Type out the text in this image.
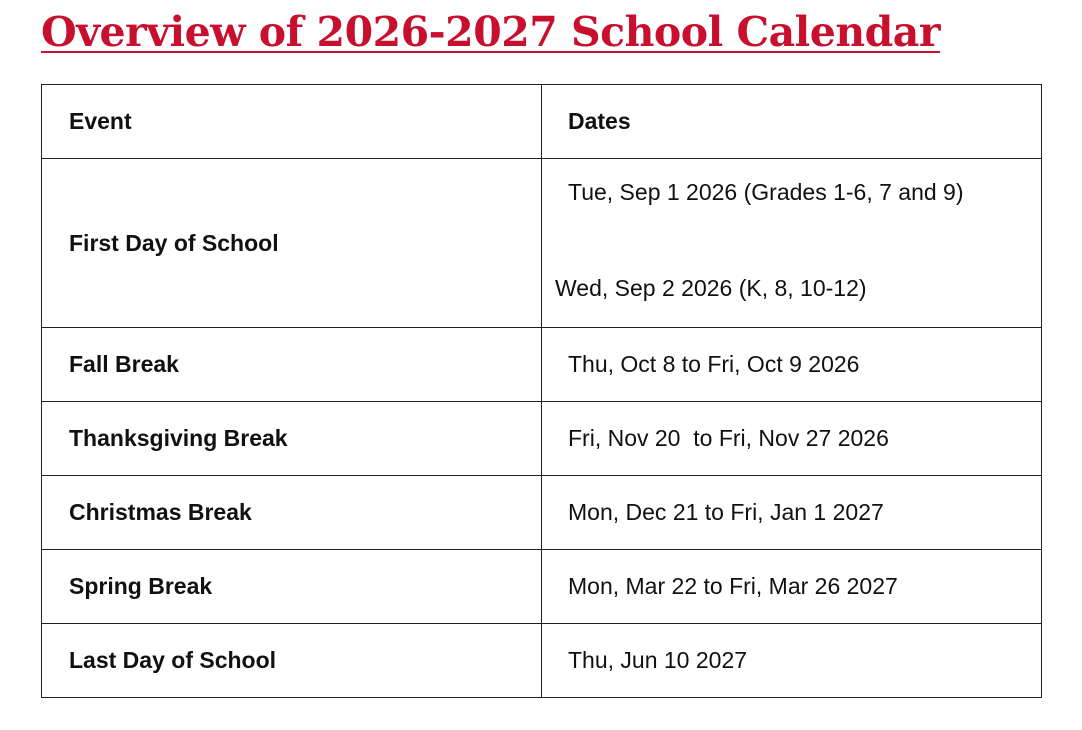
Overview of 2026-2027 School Calendar
Event	Dates
First Day of School	Tue, Sep 1 2026 (Grades 1-6, 7 and 9)
Wed, Sep 2 2026 (K, 8, 10-12)

Fall Break	Thu, Oct 8 to Fri, Oct 9 2026
Thanksgiving Break	Fri, Nov 20  to Fri, Nov 27 2026
Christmas Break	Mon, Dec 21 to Fri, Jan 1 2027
Spring Break	Mon, Mar 22 to Fri, Mar 26 2027
Last Day of School	Thu, Jun 10 2027
